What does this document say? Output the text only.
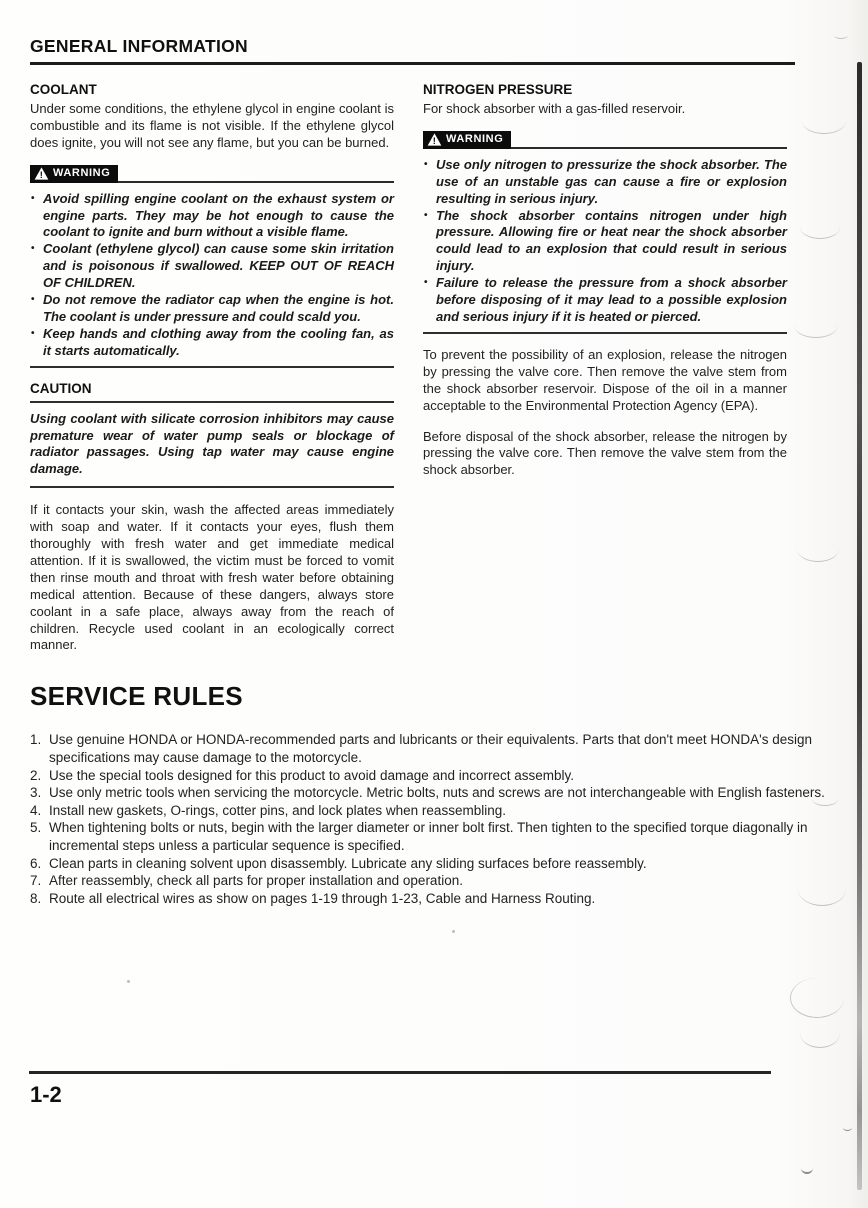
GENERAL INFORMATION
COOLANT

Under some conditions, the ethylene glycol in engine coolant is combustible and its flame is not visible. If the ethylene glycol does ignite, you will not see any flame, but you can be burned.

! WARNING
• Avoid spilling engine coolant on the exhaust system or engine parts. They may be hot enough to cause the coolant to ignite and burn without a visible flame.
• Coolant (ethylene glycol) can cause some skin irritation and is poisonous if swallowed. KEEP OUT OF REACH OF CHILDREN.
• Do not remove the radiator cap when the engine is hot. The coolant is under pressure and could scald you.
• Keep hands and clothing away from the cooling fan, as it starts automatically.
CAUTION

Using coolant with silicate corrosion inhibitors may cause premature wear of water pump seals or blockage of radiator passages. Using tap water may cause engine damage.

If it contacts your skin, wash the affected areas immediately with soap and water. If it contacts your eyes, flush them thoroughly with fresh water and get immediate medical attention. If it is swallowed, the victim must be forced to vomit then rinse mouth and throat with fresh water before obtaining medical attention. Because of these dangers, always store coolant in a safe place, always away from the reach of children. Recycle used coolant in an ecologically correct manner.

NITROGEN PRESSURE

For shock absorber with a gas-filled reservoir.

! WARNING
• Use only nitrogen to pressurize the shock absorber. The use of an unstable gas can cause a fire or explosion resulting in serious injury.
• The shock absorber contains nitrogen under high pressure. Allowing fire or heat near the shock absorber could lead to an explosion that could result in serious injury.
• Failure to release the pressure from a shock absorber before disposing of it may lead to a possible explosion and serious injury if it is heated or pierced.

To prevent the possibility of an explosion, release the nitrogen by pressing the valve core. Then remove the valve stem from the shock absorber reservoir. Dispose of the oil in a manner acceptable to the Environmental Protection Agency (EPA).

Before disposal of the shock absorber, release the nitrogen by pressing the valve core. Then remove the valve stem from the shock absorber.

SERVICE RULES
Use genuine HONDA or HONDA-recommended parts and lubricants or their equivalents. Parts that don't meet HONDA's design specifications may cause damage to the motorcycle.
Use the special tools designed for this product to avoid damage and incorrect assembly.
Use only metric tools when servicing the motorcycle. Metric bolts, nuts and screws are not interchangeable with English fasteners.
Install new gaskets, O-rings, cotter pins, and lock plates when reassembling.
When tightening bolts or nuts, begin with the larger diameter or inner bolt first. Then tighten to the specified torque diagonally in incremental steps unless a particular sequence is specified.
Clean parts in cleaning solvent upon disassembly. Lubricate any sliding surfaces before reassembly.
After reassembly, check all parts for proper installation and operation.
Route all electrical wires as show on pages 1-19 through 1-23, Cable and Harness Routing.
1-2
